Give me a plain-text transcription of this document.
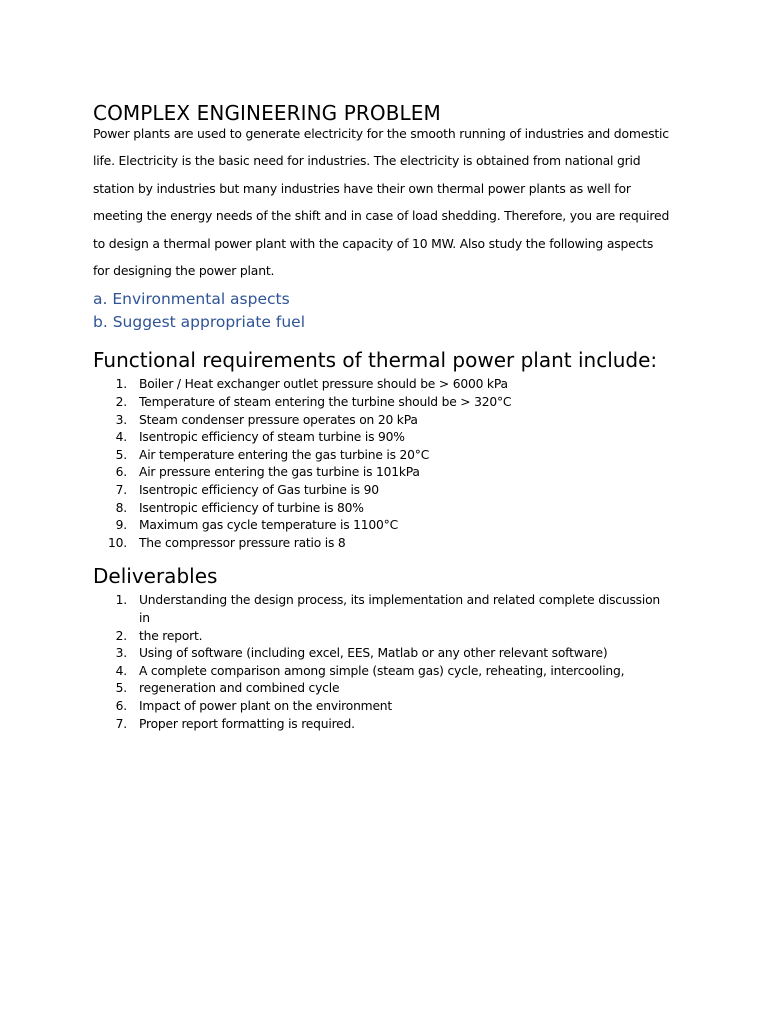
COMPLEX ENGINEERING PROBLEM

Power plants are used to generate electricity for the smooth running of industries and domestic life. Electricity is the basic need for industries. The electricity is obtained from national grid station by industries but many industries have their own thermal power plants as well for meeting the energy needs of the shift and in case of load shedding. Therefore, you are required to design a thermal power plant with the capacity of 10 MW. Also study the following aspects for designing the power plant.

a. Environmental aspects
b. Suggest appropriate fuel
Functional requirements of thermal power plant include:
1. Boiler / Heat exchanger outlet pressure should be > 6000 kPa
2. Temperature of steam entering the turbine should be > 320°C
3. Steam condenser pressure operates on 20 kPa
4. Isentropic efficiency of steam turbine is 90%
5. Air temperature entering the gas turbine is 20°C
6. Air pressure entering the gas turbine is 101kPa
7. Isentropic efficiency of Gas turbine is 90
8. Isentropic efficiency of turbine is 80%
9. Maximum gas cycle temperature is 1100°C
10. The compressor pressure ratio is 8
Deliverables
1. Understanding the design process, its implementation and related complete discussion in
2. the report.
3. Using of software (including excel, EES, Matlab or any other relevant software)
4. A complete comparison among simple (steam gas) cycle, reheating, intercooling,
5. regeneration and combined cycle
6. Impact of power plant on the environment
7. Proper report formatting is required.
